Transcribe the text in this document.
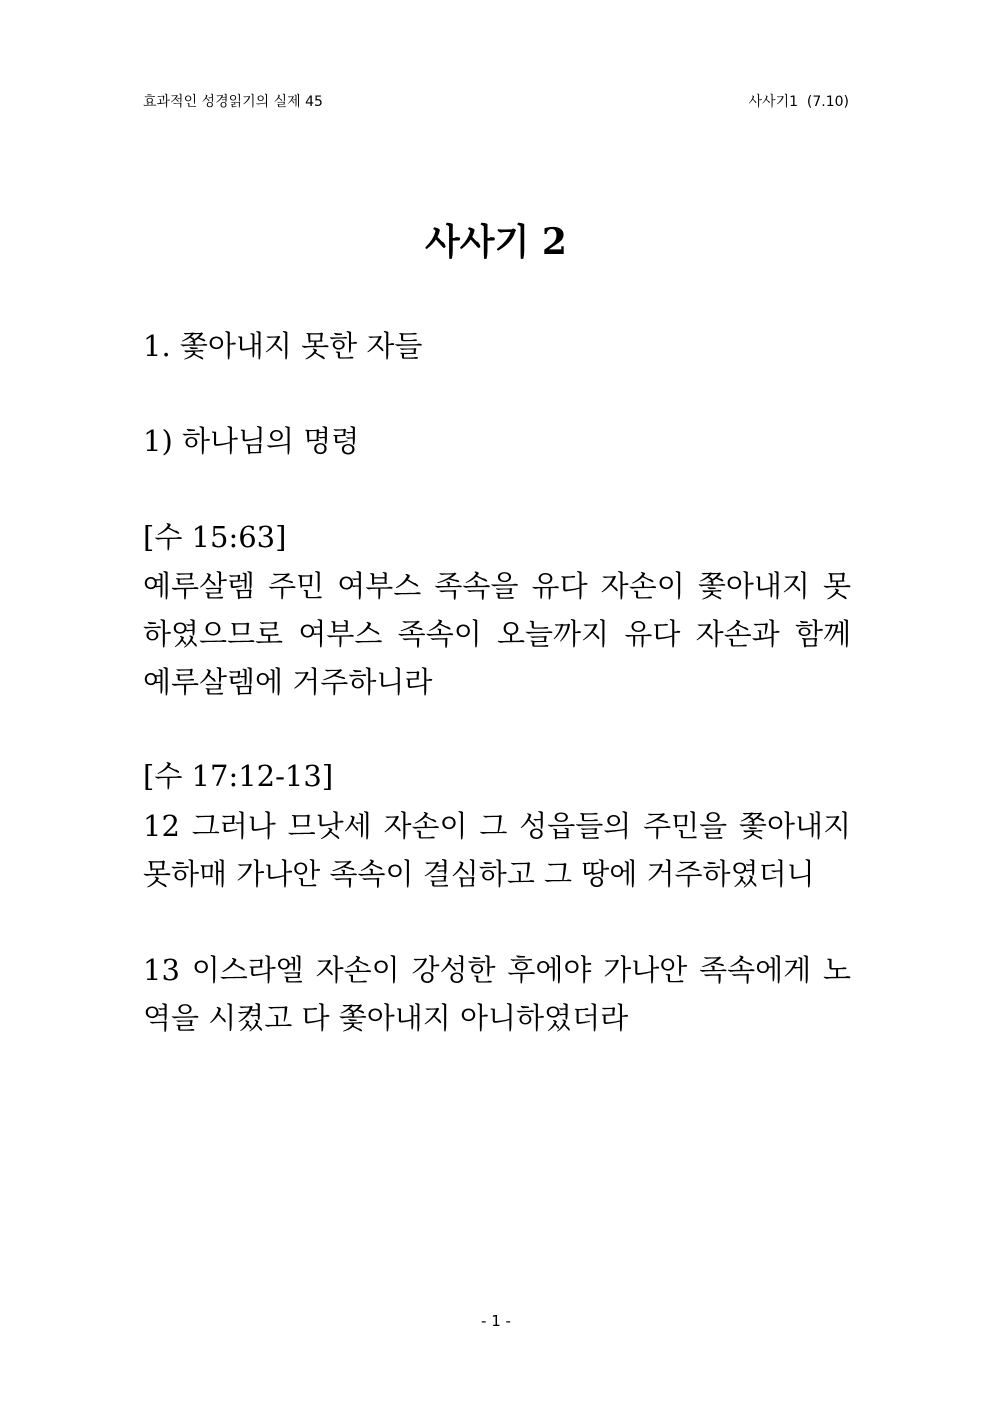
효과적인 성경읽기의 실제 45	사사기1  (7.10)
사사기 2
1. 쫓아내지 못한 자들
1) 하나님의 명령
[수 15:63]
예루살렘 주민 여부스 족속을 유다 자손이 쫓아내지 못하였으므로 여부스 족속이 오늘까지 유다 자손과 함께 예루살렘에 거주하니라
[수 17:12-13]
12 그러나 므낫세 자손이 그 성읍들의 주민을 쫓아내지 못하매 가나안 족속이 결심하고 그 땅에 거주하였더니
13 이스라엘 자손이 강성한 후에야 가나안 족속에게 노역을 시켰고 다 쫓아내지 아니하였더라
- 1 -
